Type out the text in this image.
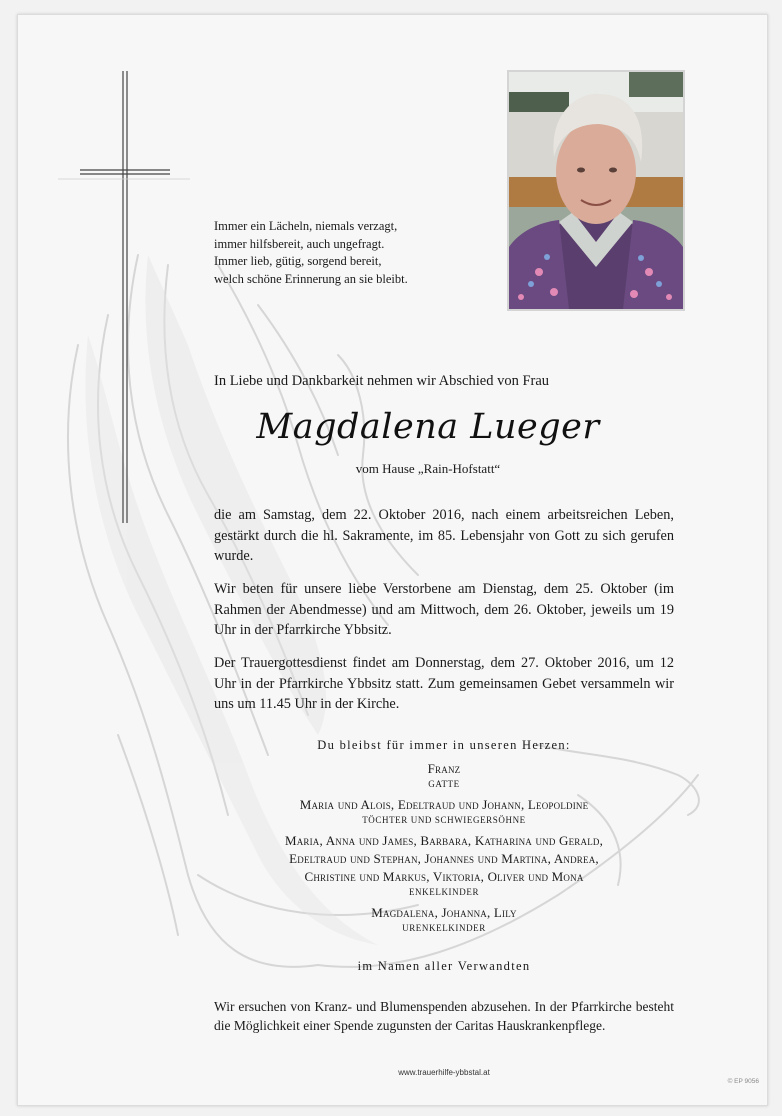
Immer ein Lächeln, niemals verzagt,
immer hilfsbereit, auch ungefragt.
Immer lieb, gütig, sorgend bereit,
welch schöne Erinnerung an sie bleibt.
In Liebe und Dankbarkeit nehmen wir Abschied von Frau
Magdalena Lueger
vom Hause „Rain-Hofstatt“
die am Samstag, dem 22. Oktober 2016, nach einem arbeitsreichen Leben, gestärkt durch die hl. Sakramente, im 85. Lebensjahr von Gott zu sich gerufen wurde.
Wir beten für unsere liebe Verstorbene am Dienstag, dem 25. Oktober (im Rahmen der Abendmesse) und am Mittwoch, dem 26. Oktober, jeweils um 19 Uhr in der Pfarrkirche Ybbsitz.
Der Trauergottesdienst findet am Donnerstag, dem 27. Oktober 2016, um 12 Uhr in der Pfarrkirche Ybbsitz statt. Zum gemeinsamen Gebet versammeln wir uns um 11.45 Uhr in der Kirche.
Du bleibst für immer in unseren Herzen:
Franz
GATTE
Maria und Alois, Edeltraud und Johann, Leopoldine
TÖCHTER UND SCHWIEGERSÖHNE
Maria, Anna und James, Barbara, Katharina und Gerald,
Edeltraud und Stephan, Johannes und Martina, Andrea,
Christine und Markus, Viktoria, Oliver und Mona
ENKELKINDER
Magdalena, Johanna, Lily
URENKELKINDER
im Namen aller Verwandten
Wir ersuchen von Kranz- und Blumenspenden abzusehen. In der Pfarrkirche besteht die Möglichkeit einer Spende zugunsten der Caritas Hauskrankenpflege.
www.trauerhilfe-ybbstal.at
© EP 9056
